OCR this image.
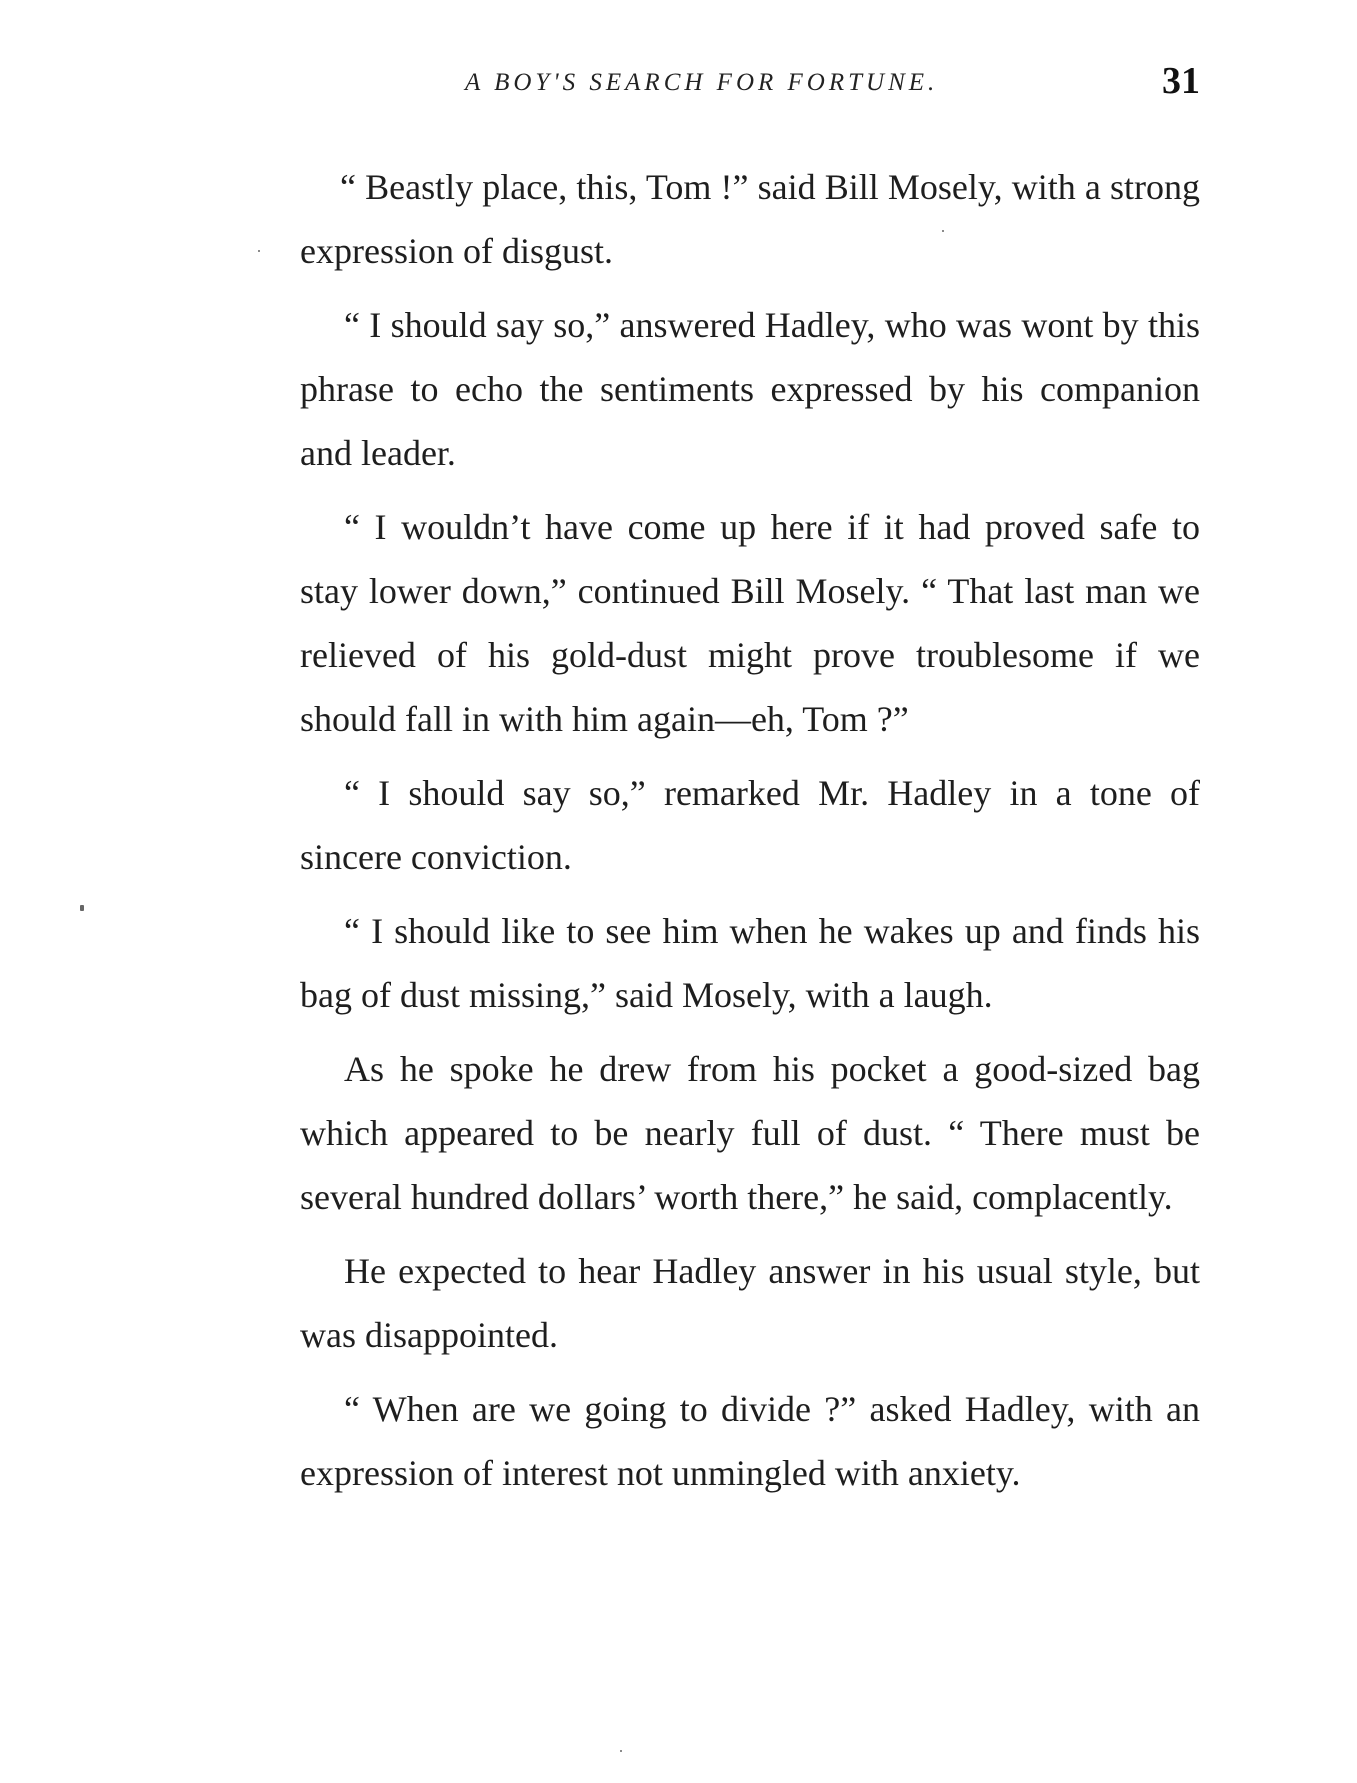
A BOY'S SEARCH FOR FORTUNE.	31

“ Beastly place, this, Tom !” said Bill Mosely, with a strong expression of disgust.

“ I should say so,” answered Hadley, who was wont by this phrase to echo the sentiments expressed by his companion and leader.

“ I wouldn’t have come up here if it had proved safe to stay lower down,” continued Bill Mosely. “ That last man we relieved of his gold-dust might prove troublesome if we should fall in with him again—eh, Tom ?”

“ I should say so,” remarked Mr. Hadley in a tone of sincere conviction.

“ I should like to see him when he wakes up and finds his bag of dust missing,” said Mosely, with a laugh.

As he spoke he drew from his pocket a good-sized bag which appeared to be nearly full of dust. “ There must be several hundred dollars’ worth there,” he said, complacently.

He expected to hear Hadley answer in his usual style, but was disappointed.

“ When are we going to divide ?” asked Hadley, with an expression of interest not unmingled with anxiety.
